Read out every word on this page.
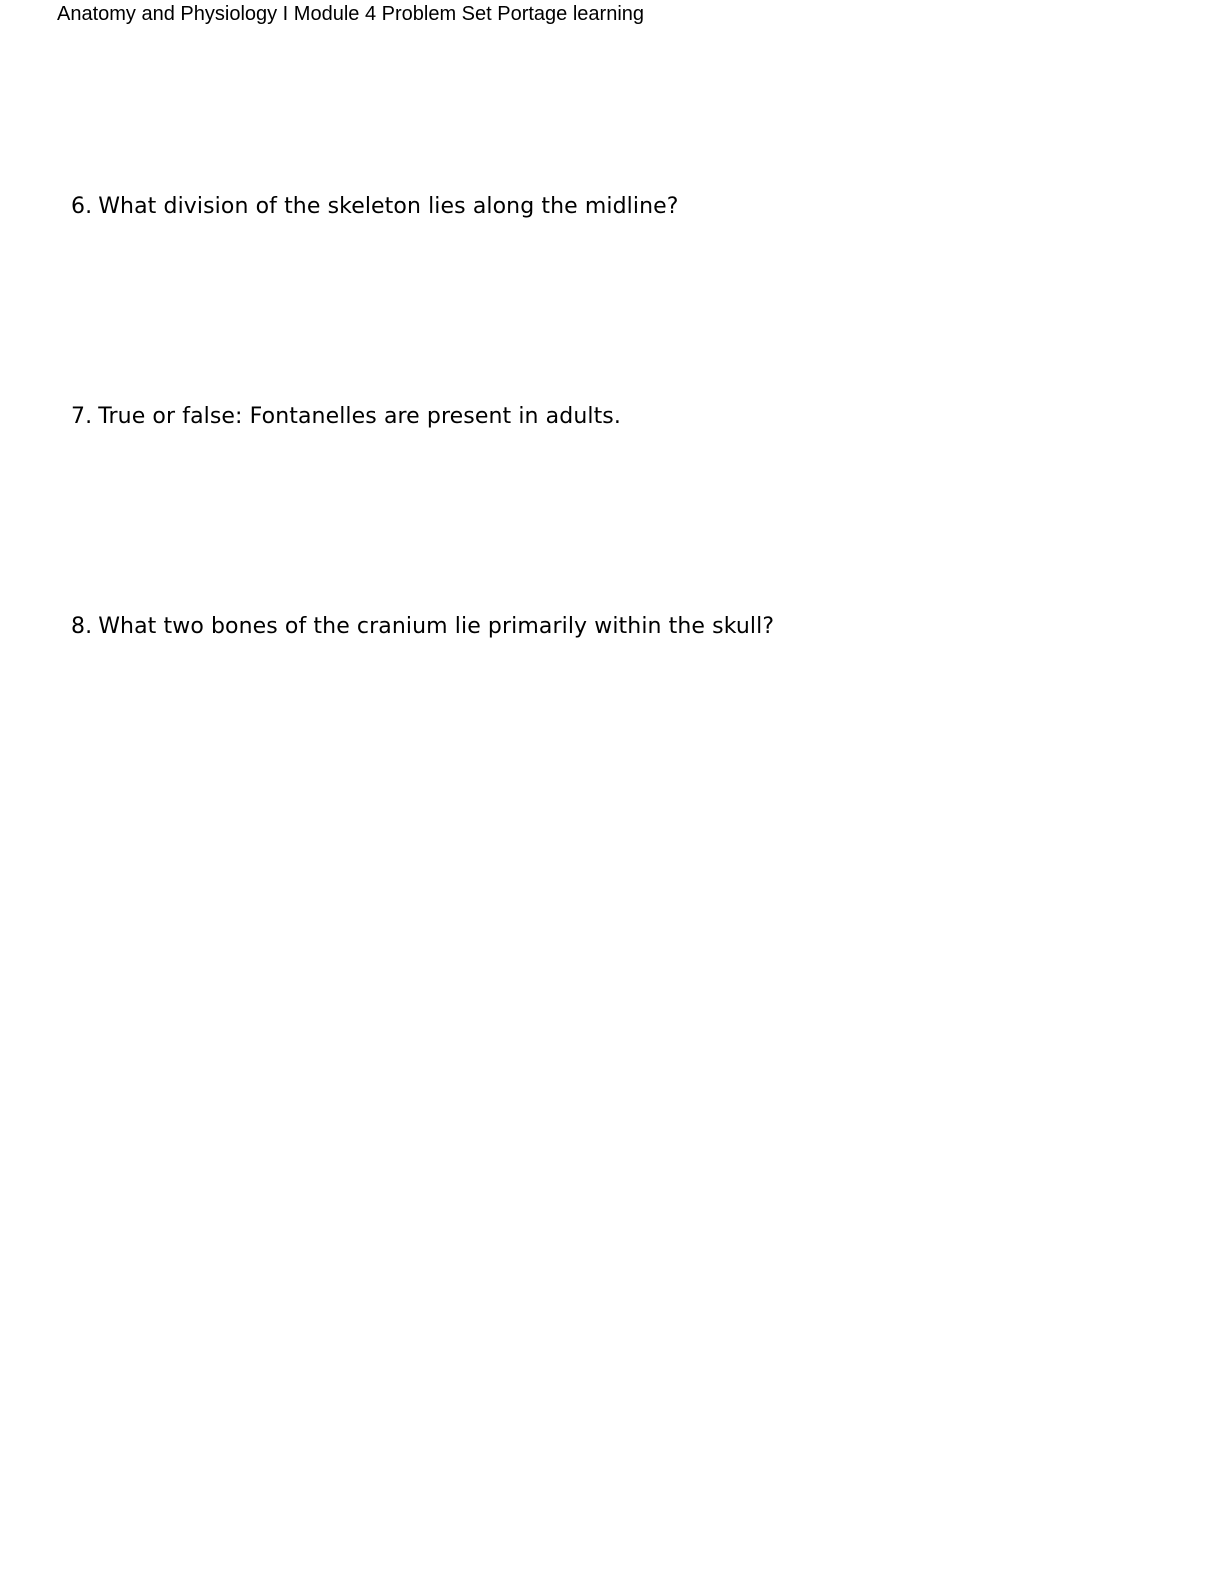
Anatomy and Physiology I Module 4 Problem Set Portage learning
6. What division of the skeleton lies along the midline?
7. True or false: Fontanelles are present in adults.
8. What two bones of the cranium lie primarily within the skull?
